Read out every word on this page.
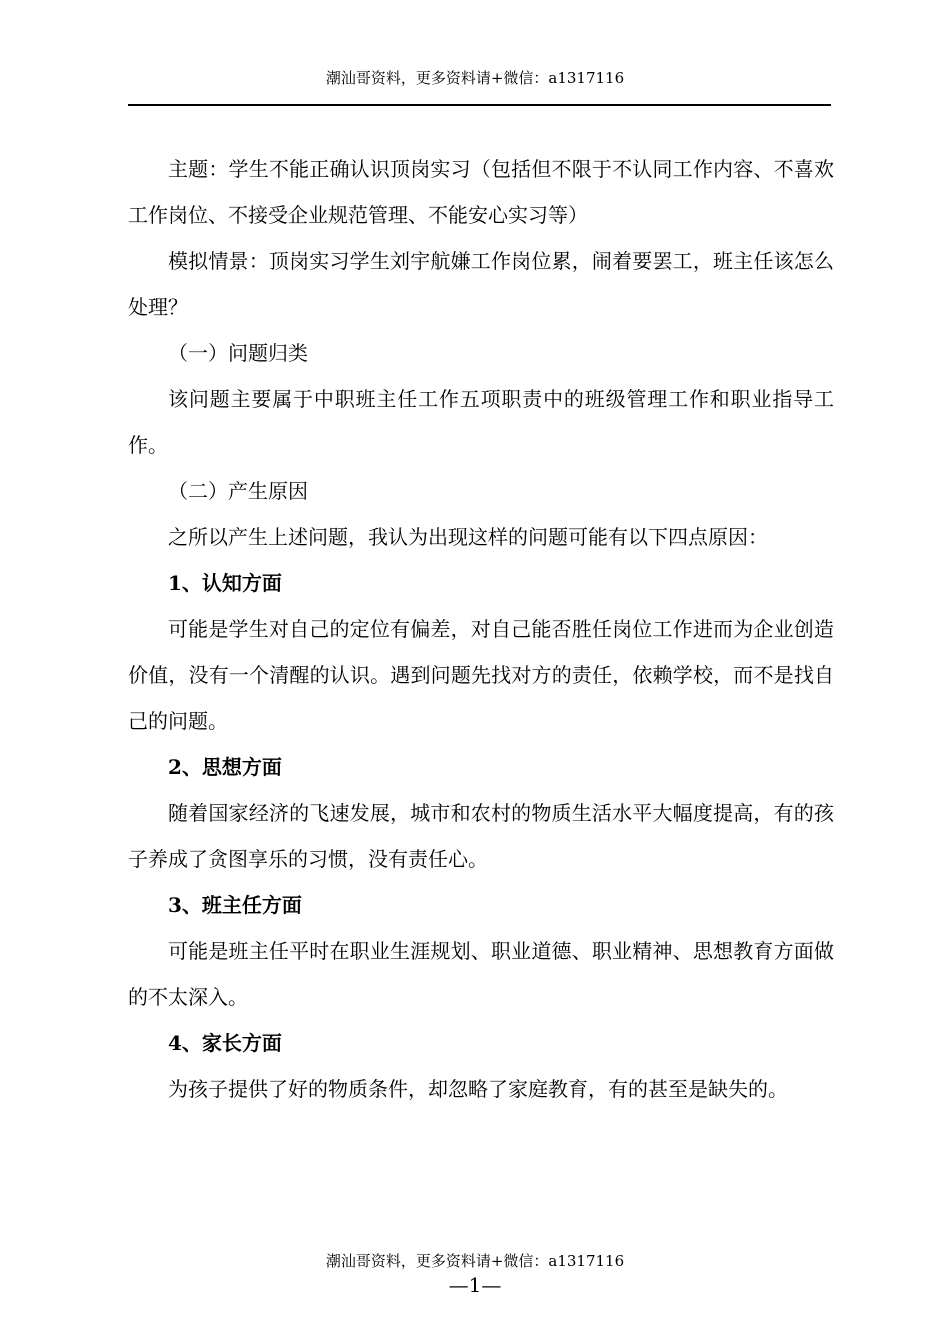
潮汕哥资料，更多资料请+微信：a1317116

主题：学生不能正确认识顶岗实习（包括但不限于不认同工作内容、不喜欢工作岗位、不接受企业规范管理、不能安心实习等）

模拟情景：顶岗实习学生刘宇航嫌工作岗位累，闹着要罢工，班主任该怎么处理？

（一）问题归类

该问题主要属于中职班主任工作五项职责中的班级管理工作和职业指导工作。

（二）产生原因

之所以产生上述问题，我认为出现这样的问题可能有以下四点原因：

1、认知方面

可能是学生对自己的定位有偏差，对自己能否胜任岗位工作进而为企业创造价值，没有一个清醒的认识。遇到问题先找对方的责任，依赖学校，而不是找自己的问题。

2、思想方面

随着国家经济的飞速发展，城市和农村的物质生活水平大幅度提高，有的孩子养成了贪图享乐的习惯，没有责任心。

3、班主任方面

可能是班主任平时在职业生涯规划、职业道德、职业精神、思想教育方面做的不太深入。

4、家长方面

为孩子提供了好的物质条件，却忽略了家庭教育，有的甚至是缺失的。

潮汕哥资料，更多资料请+微信：a1317116
—1—
